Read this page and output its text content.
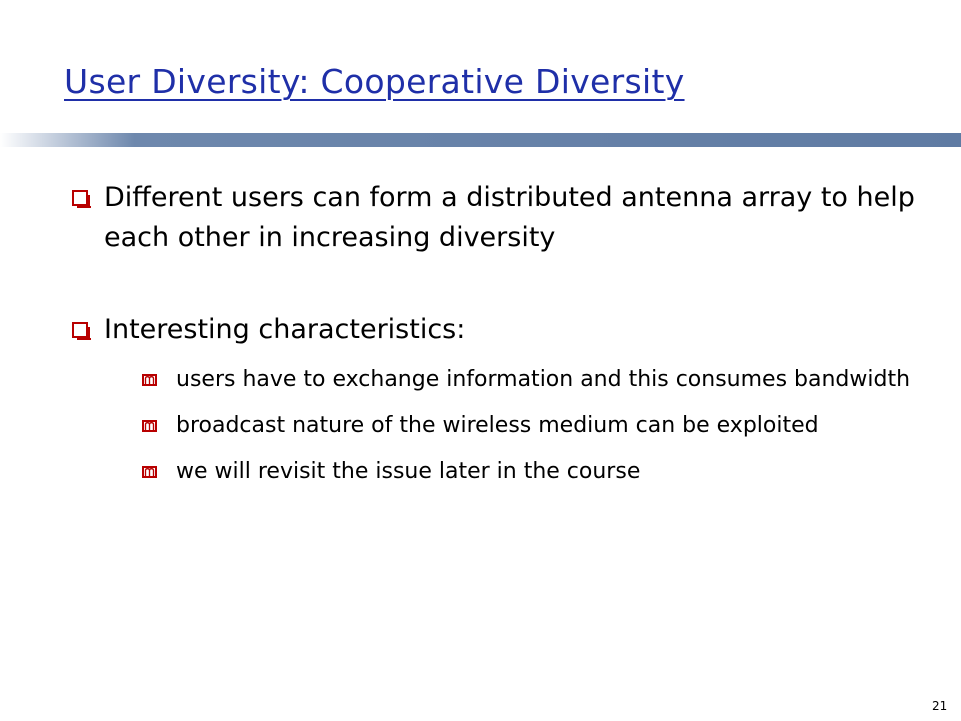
User Diversity: Cooperative Diversity
Different users can form a distributed antenna array to help each other in increasing diversity
Interesting characteristics:
users have to exchange information and this consumes bandwidth
broadcast nature of the wireless medium can be exploited
we will revisit the issue later in the course
21
